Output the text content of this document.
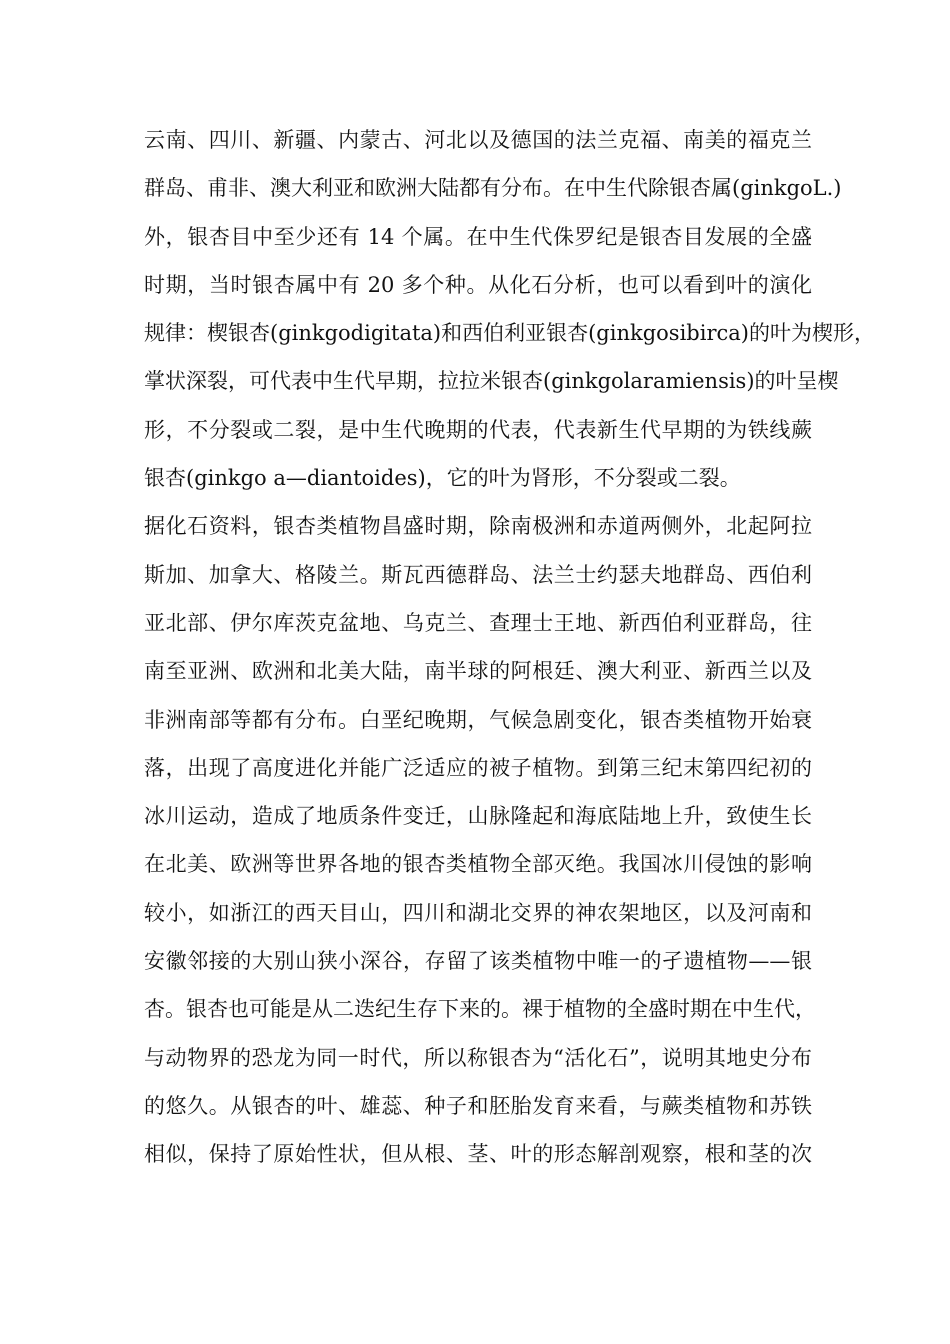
云南、四川、新疆、内蒙古、河北以及德国的法兰克福、南美的福克兰
群岛、甫非、澳大利亚和欧洲大陆都有分布。在中生代除银杏属(ginkgoL.)
外，银杏目中至少还有 14 个属。在中生代侏罗纪是银杏目发展的全盛
时期，当时银杏属中有 20 多个种。从化石分析，也可以看到叶的演化
规律：楔银杏(ginkgodigitata)和西伯利亚银杏(ginkgosibirca)的叶为楔形，
掌状深裂，可代表中生代早期，拉拉米银杏(ginkgolaramiensis)的叶呈楔
形，不分裂或二裂，是中生代晚期的代表，代表新生代早期的为铁线蕨
银杏(ginkgo a—diantoides)，它的叶为肾形，不分裂或二裂。
据化石资料，银杏类植物昌盛时期，除南极洲和赤道两侧外，北起阿拉
斯加、加拿大、格陵兰。斯瓦西德群岛、法兰士约瑟夫地群岛、西伯利
亚北部、伊尔库茨克盆地、乌克兰、查理士王地、新西伯利亚群岛，往
南至亚洲、欧洲和北美大陆，南半球的阿根廷、澳大利亚、新西兰以及
非洲南部等都有分布。白垩纪晚期，气候急剧变化，银杏类植物开始衰
落，出现了高度进化并能广泛适应的被子植物。到第三纪末第四纪初的
冰川运动，造成了地质条件变迁，山脉隆起和海底陆地上升，致使生长
在北美、欧洲等世界各地的银杏类植物全部灭绝。我国冰川侵蚀的影响
较小，如浙江的西天目山，四川和湖北交界的神农架地区，以及河南和
安徽邻接的大别山狭小深谷，存留了该类植物中唯一的孑遗植物——银
杏。银杏也可能是从二迭纪生存下来的。裸于植物的全盛时期在中生代，
与动物界的恐龙为同一时代，所以称银杏为“活化石”，说明其地史分布
的悠久。从银杏的叶、雄蕊、种子和胚胎发育来看，与蕨类植物和苏铁
相似，保持了原始性状，但从根、茎、叶的形态解剖观察，根和茎的次
